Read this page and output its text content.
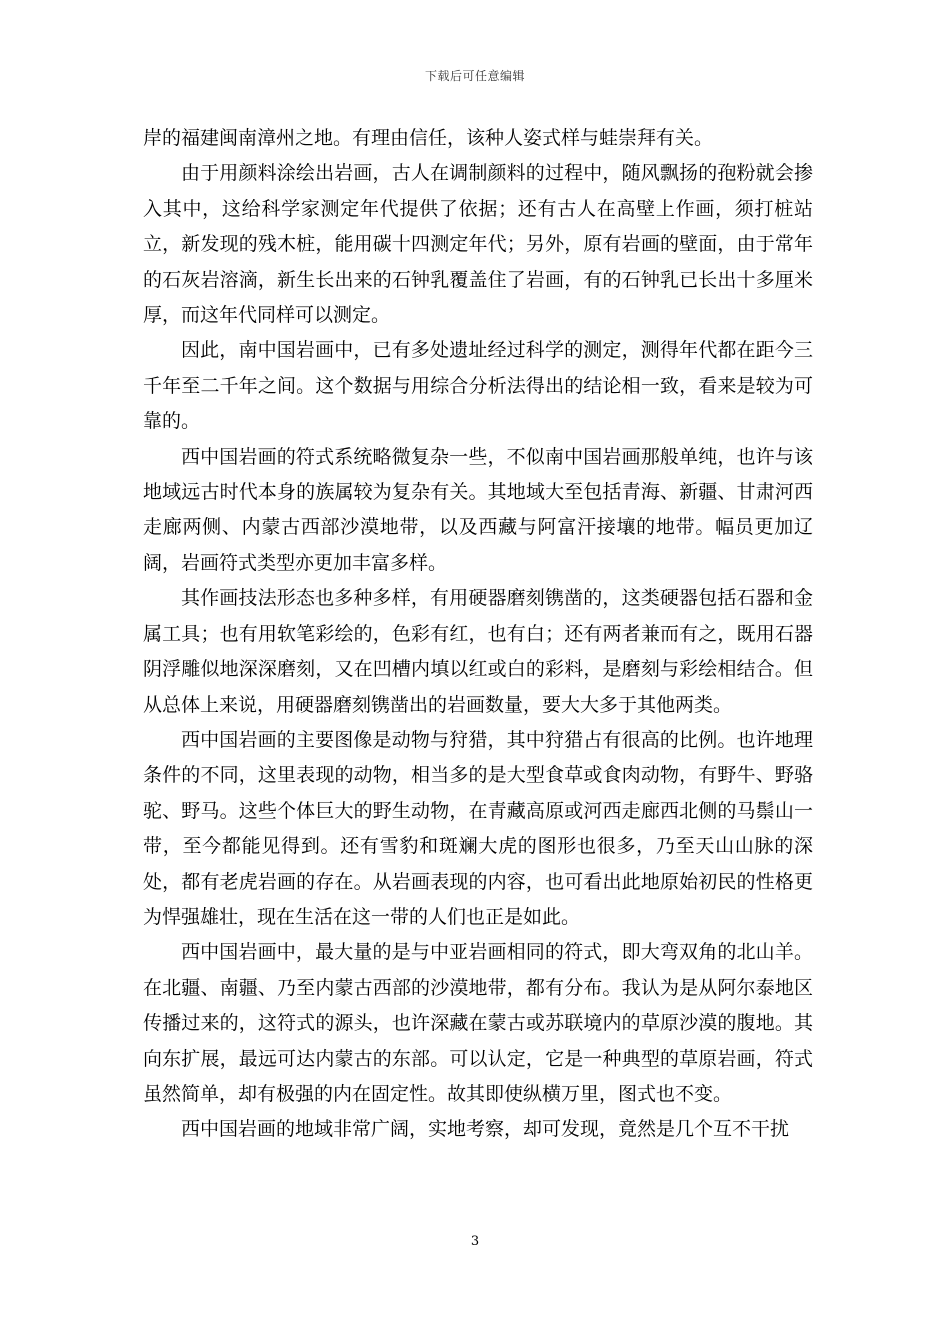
下载后可任意编辑

岸的福建闽南漳州之地。有理由信任，该种人姿式样与蛙崇拜有关。

由于用颜料涂绘出岩画，古人在调制颜料的过程中，随风飘扬的孢粉就会掺入其中，这给科学家测定年代提供了依据；还有古人在高壁上作画，须打桩站立，新发现的残木桩，能用碳十四测定年代；另外，原有岩画的壁面，由于常年的石灰岩溶滴，新生长出来的石钟乳覆盖住了岩画，有的石钟乳已长出十多厘米厚，而这年代同样可以测定。

因此，南中国岩画中，已有多处遗址经过科学的测定，测得年代都在距今三千年至二千年之间。这个数据与用综合分析法得出的结论相一致，看来是较为可靠的。

西中国岩画的符式系统略微复杂一些，不似南中国岩画那般单纯，也许与该地域远古时代本身的族属较为复杂有关。其地域大至包括青海、新疆、甘肃河西走廊两侧、内蒙古西部沙漠地带，以及西藏与阿富汗接壤的地带。幅员更加辽阔，岩画符式类型亦更加丰富多样。

其作画技法形态也多种多样，有用硬器磨刻镌凿的，这类硬器包括石器和金属工具；也有用软笔彩绘的，色彩有红，也有白；还有两者兼而有之，既用石器阴浮雕似地深深磨刻，又在凹槽内填以红或白的彩料，是磨刻与彩绘相结合。但从总体上来说，用硬器磨刻镌凿出的岩画数量，要大大多于其他两类。

西中国岩画的主要图像是动物与狩猎，其中狩猎占有很高的比例。也许地理条件的不同，这里表现的动物，相当多的是大型食草或食肉动物，有野牛、野骆驼、野马。这些个体巨大的野生动物，在青藏高原或河西走廊西北侧的马鬃山一带，至今都能见得到。还有雪豹和斑斓大虎的图形也很多，乃至天山山脉的深处，都有老虎岩画的存在。从岩画表现的内容，也可看出此地原始初民的性格更为悍强雄壮，现在生活在这一带的人们也正是如此。

西中国岩画中，最大量的是与中亚岩画相同的符式，即大弯双角的北山羊。在北疆、南疆、乃至内蒙古西部的沙漠地带，都有分布。我认为是从阿尔泰地区传播过来的，这符式的源头，也许深藏在蒙古或苏联境内的草原沙漠的腹地。其向东扩展，最远可达内蒙古的东部。可以认定，它是一种典型的草原岩画，符式虽然简单，却有极强的内在固定性。故其即使纵横万里，图式也不变。

西中国岩画的地域非常广阔，实地考察，却可发现，竟然是几个互不干扰

3
